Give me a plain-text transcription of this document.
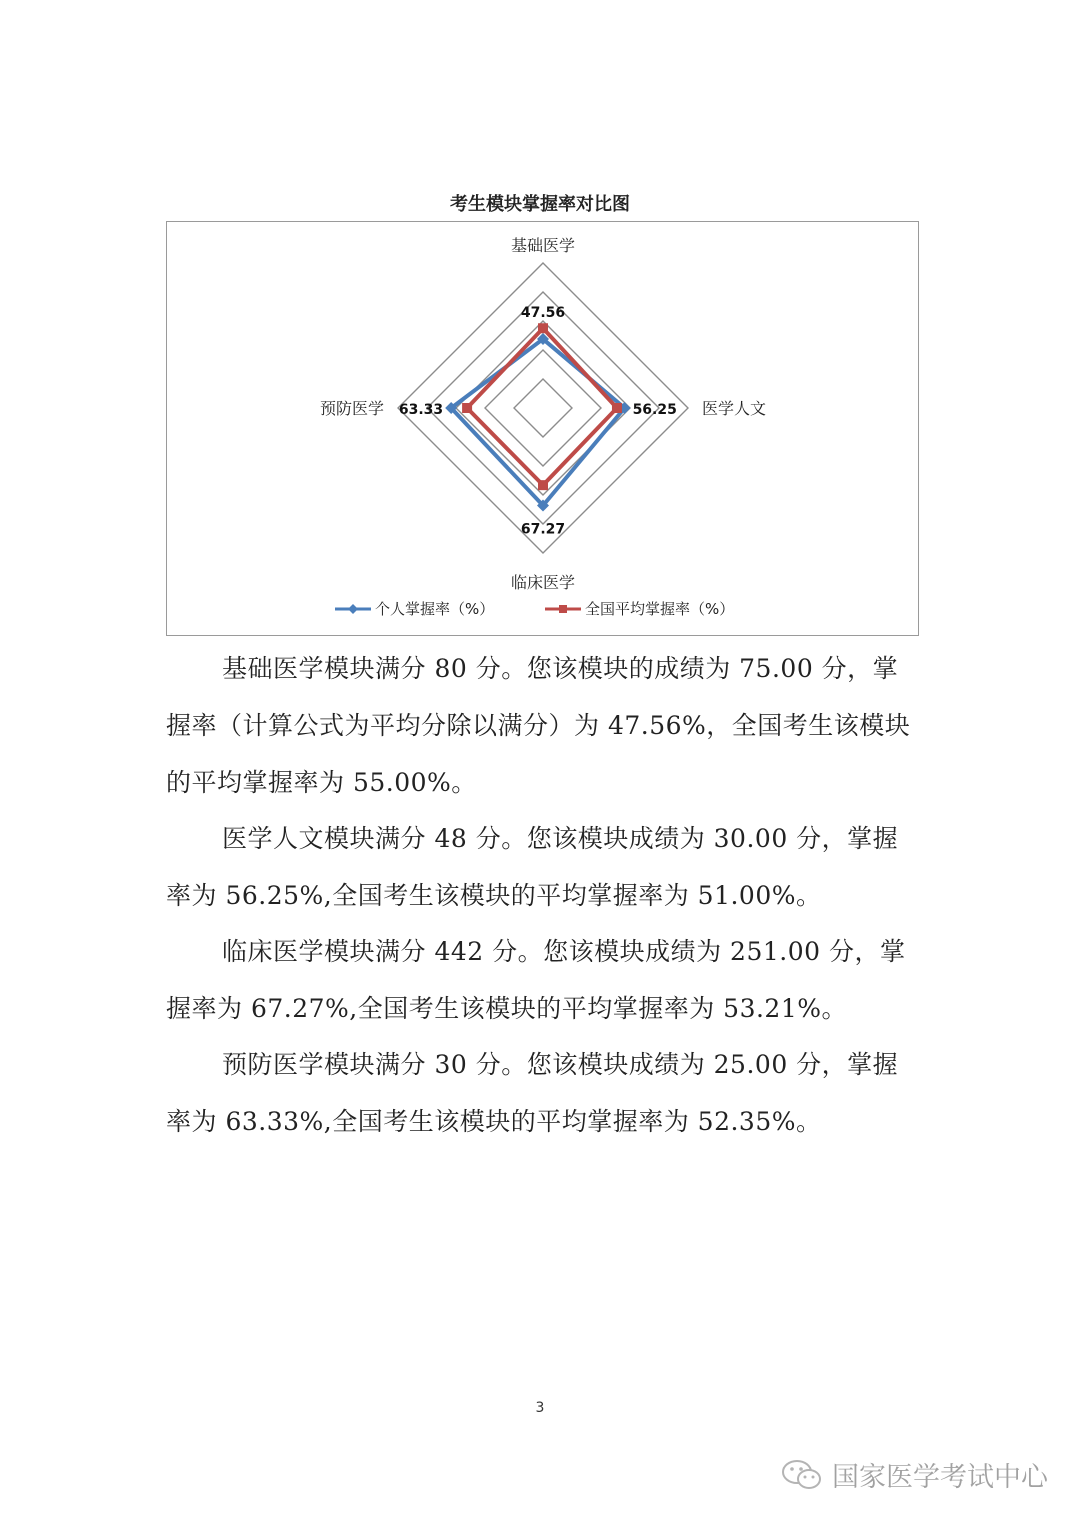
考生模块掌握率对比图
基础医学
医学人文
临床医学
预防医学
47.56
56.25
67.27
63.33
个人掌握率（%）	全国平均掌握率（%）

基础医学模块满分 80 分。您该模块的成绩为 75.00 分，掌握率（计算公式为平均分除以满分）为 47.56%，全国考生该模块的平均掌握率为 55.00%。

医学人文模块满分 48 分。您该模块成绩为 30.00 分，掌握率为 56.25%,全国考生该模块的平均掌握率为 51.00%。

临床医学模块满分 442 分。您该模块成绩为 251.00 分，掌握率为 67.27%,全国考生该模块的平均掌握率为 53.21%。

预防医学模块满分 30 分。您该模块成绩为 25.00 分，掌握率为 63.33%,全国考生该模块的平均掌握率为 52.35%。

3
国家医学考试中心
